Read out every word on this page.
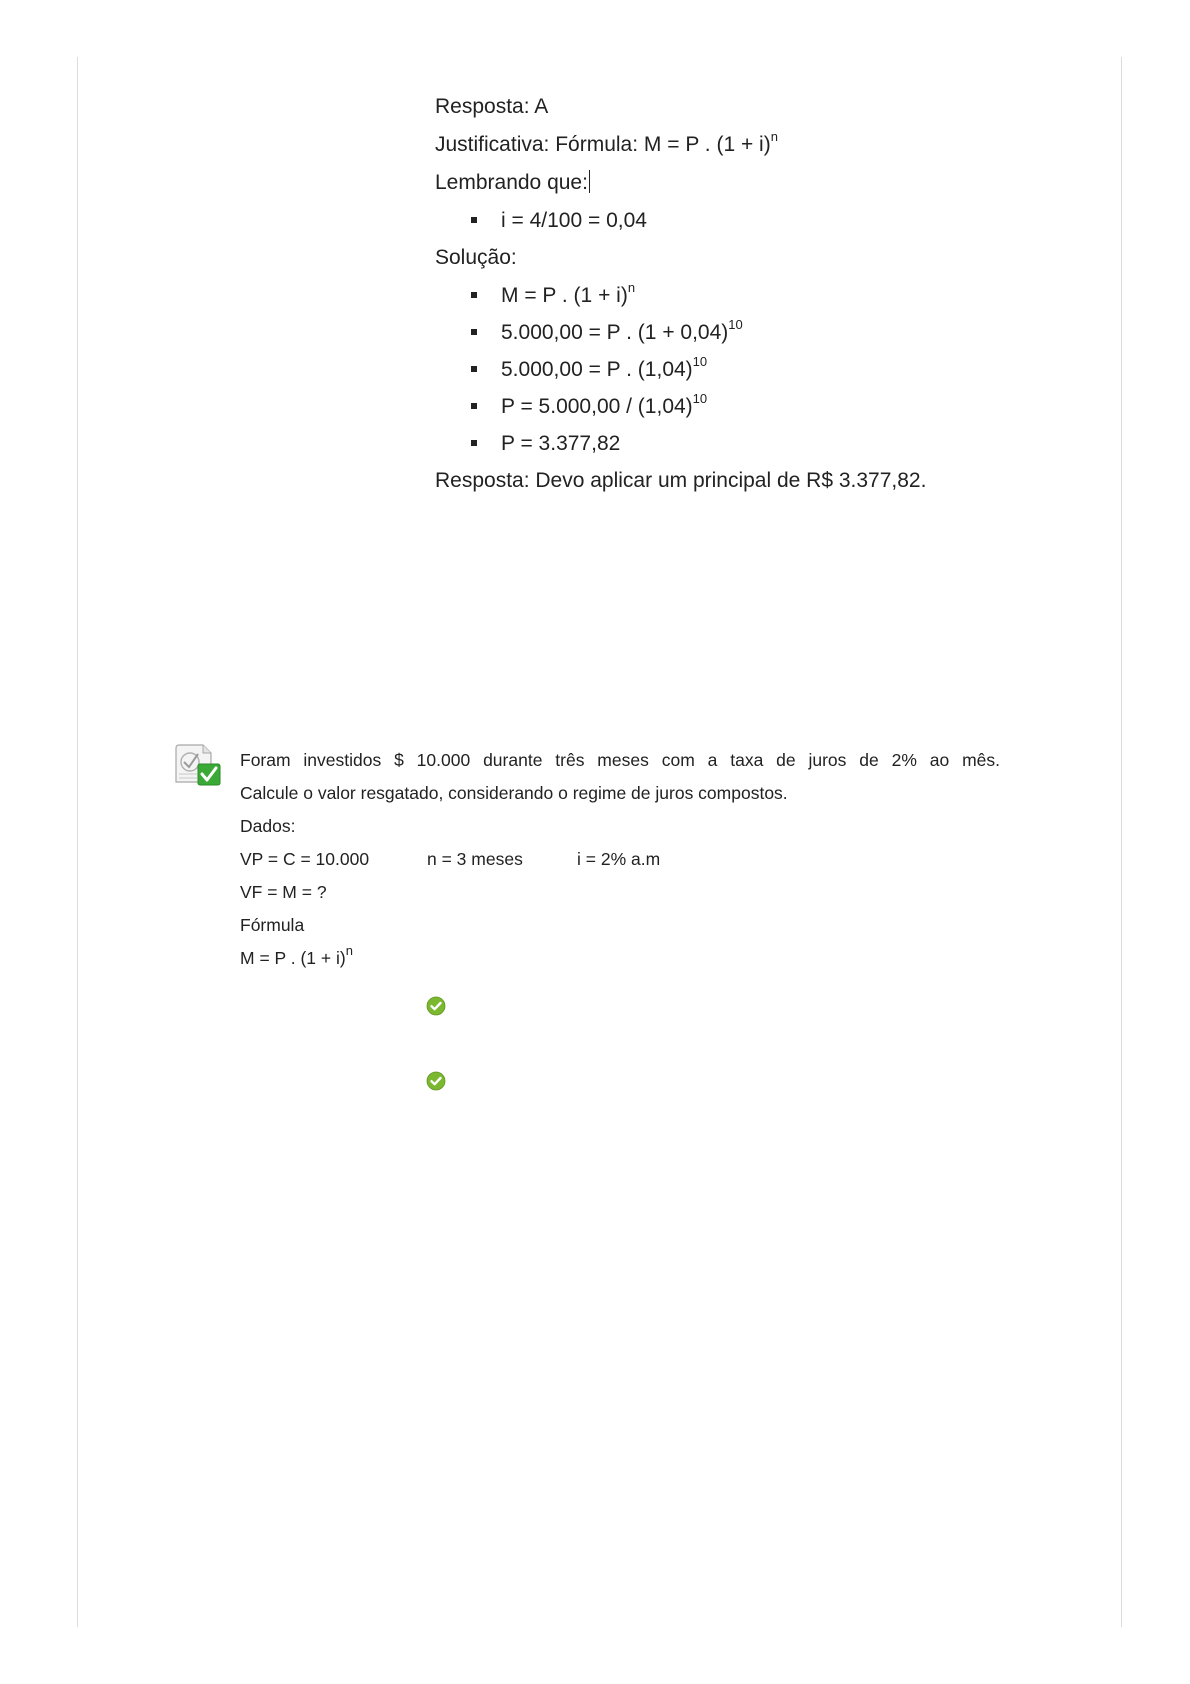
Resposta: A
Justificativa: Fórmula: M = P . $(1 + i)^n$
Lembrando que:
i = 4/100 = 0,04
Solução:
M = P . $(1 + i)^n$
5.000,00 = P . $(1 + 0,04)^{10}$
5.000,00 = P . $(1,04)^{10}$
$P = 5.000,00 / (1,04)^{10}$
P = 3.377,82
Resposta: Devo aplicar um principal de R$ 3.377,82.
Foram investidos $ 10.000 durante três meses com a taxa de juros de 2% ao mês.
Calcule o valor resgatado, considerando o regime de juros compostos.
Dados:
VP = C = 10.000	n = 3 meses	i = 2% a.m
VF = M = ?
Fórmula
M = P . $(1 + i)^n$
